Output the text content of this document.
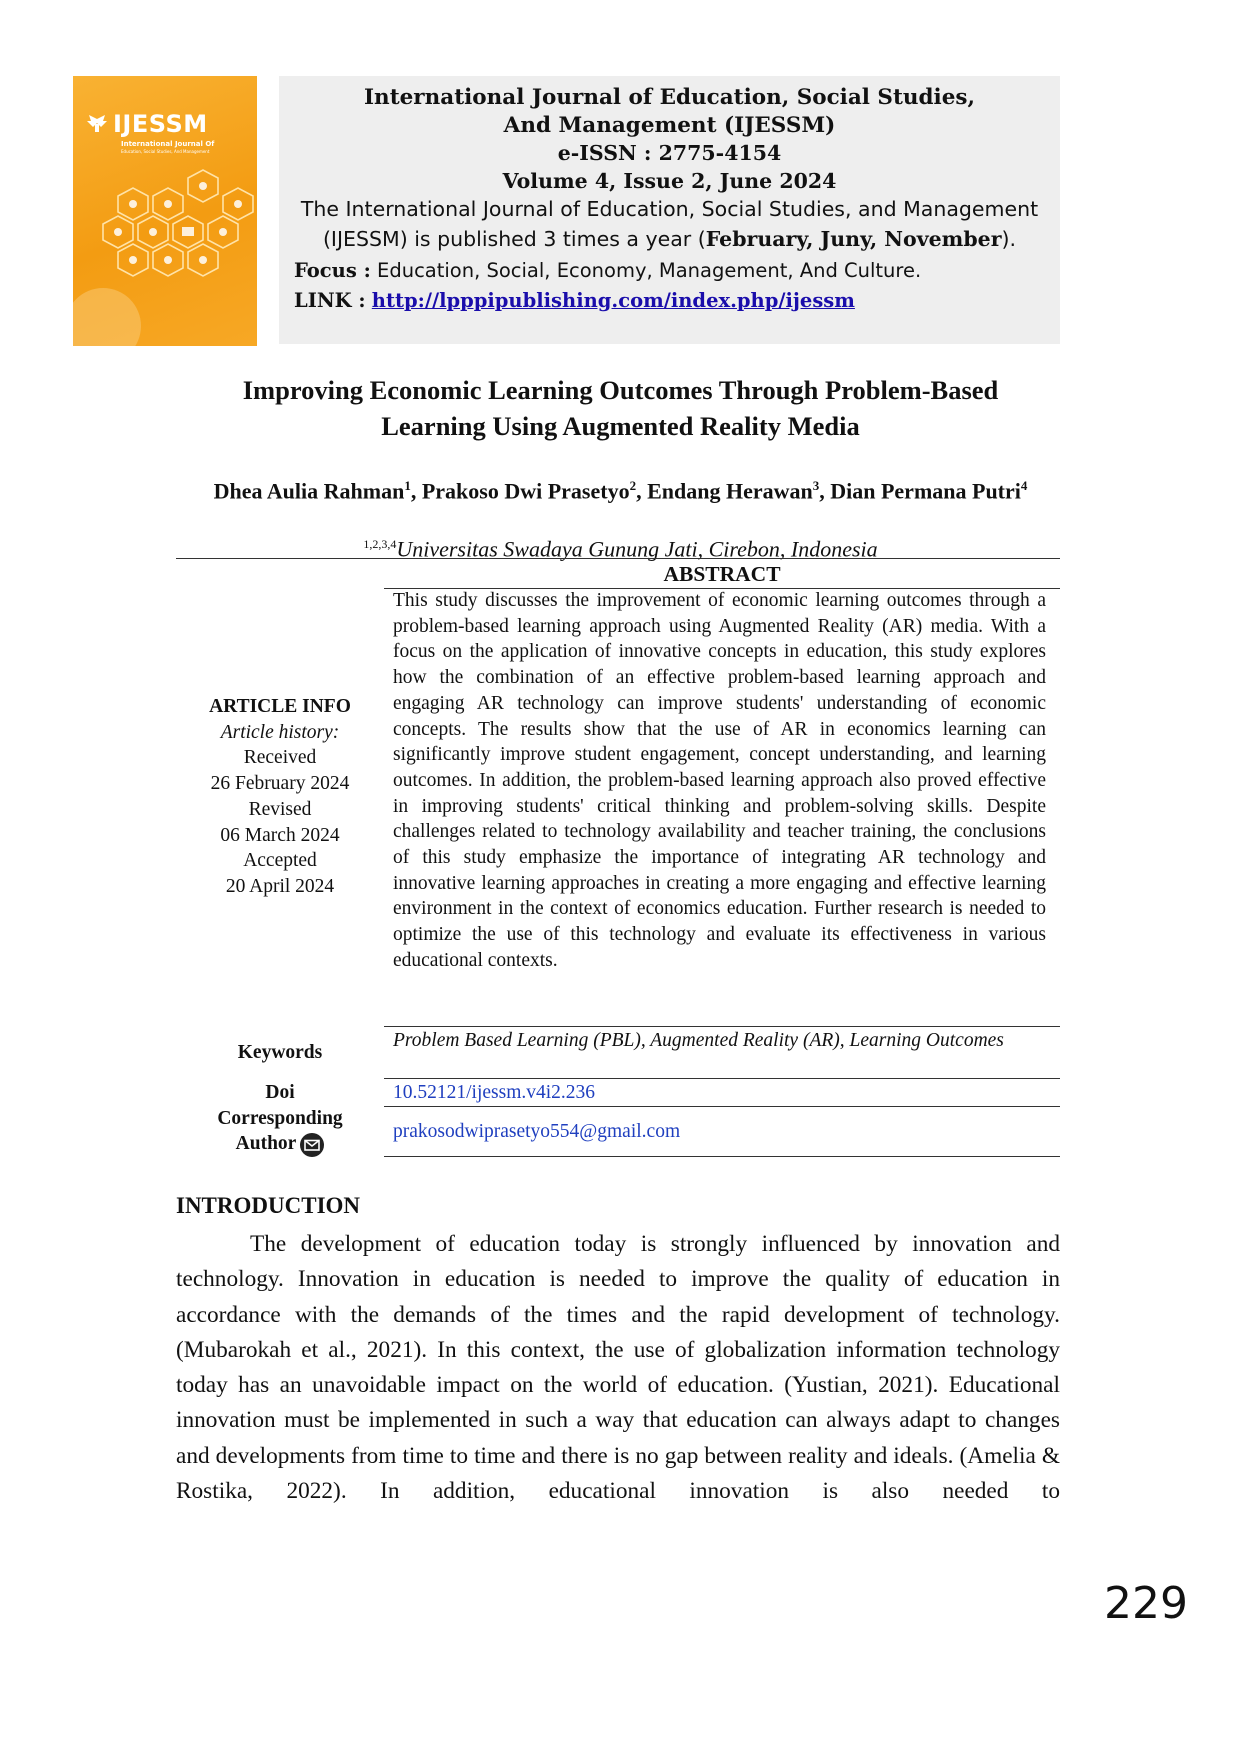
IJESSM
International Journal Of
Education, Social Studies, And Management
International Journal of Education, Social Studies,
And Management (IJESSM)
e-ISSN : 2775-4154
Volume 4, Issue 2, June 2024
The International Journal of Education, Social Studies, and Management (IJESSM) is published 3 times a year (February, Juny, November).
Focus : Education, Social, Economy, Management, And Culture.
LINK : http://lpppipublishing.com/index.php/ijessm
Improving Economic Learning Outcomes Through Problem-Based
Learning Using Augmented Reality Media
Dhea Aulia Rahman$^1$, Prakoso Dwi Prasetyo$^2$, Endang Herawan$^3$, Dian Permana Putri$^4$
$^{1,2,3,4}$Universitas Swadaya Gunung Jati, Cirebon, Indonesia
ABSTRACT
ARTICLE INFO
Article history:
Received
26 February 2024
Revised
06 March 2024
Accepted
20 April 2024
This study discusses the improvement of economic learning outcomes through a problem-based learning approach using Augmented Reality (AR) media. With a focus on the application of innovative concepts in education, this study explores how the combination of an effective problem-based learning approach and engaging AR technology can improve students' understanding of economic concepts. The results show that the use of AR in economics learning can significantly improve student engagement, concept understanding, and learning outcomes. In addition, the problem-based learning approach also proved effective in improving students' critical thinking and problem-solving skills. Despite challenges related to technology availability and teacher training, the conclusions of this study emphasize the importance of integrating AR technology and innovative learning approaches in creating a more engaging and effective learning environment in the context of economics education. Further research is needed to optimize the use of this technology and evaluate its effectiveness in various educational contexts.
Keywords
Problem Based Learning (PBL), Augmented Reality (AR), Learning Outcomes
Doi	10.52121/ijessm.v4i2.236
Corresponding
Author
prakosodwiprasetyo554@gmail.com
INTRODUCTION
The development of education today is strongly influenced by innovation and technology. Innovation in education is needed to improve the quality of education in accordance with the demands of the times and the rapid development of technology. (Mubarokah et al., 2021). In this context, the use of globalization information technology today has an unavoidable impact on the world of education. (Yustian, 2021). Educational innovation must be implemented in such a way that education can always adapt to changes and developments from time to time and there is no gap between reality and ideals. (Amelia & Rostika, 2022). In addition, educational innovation is also needed to
229
